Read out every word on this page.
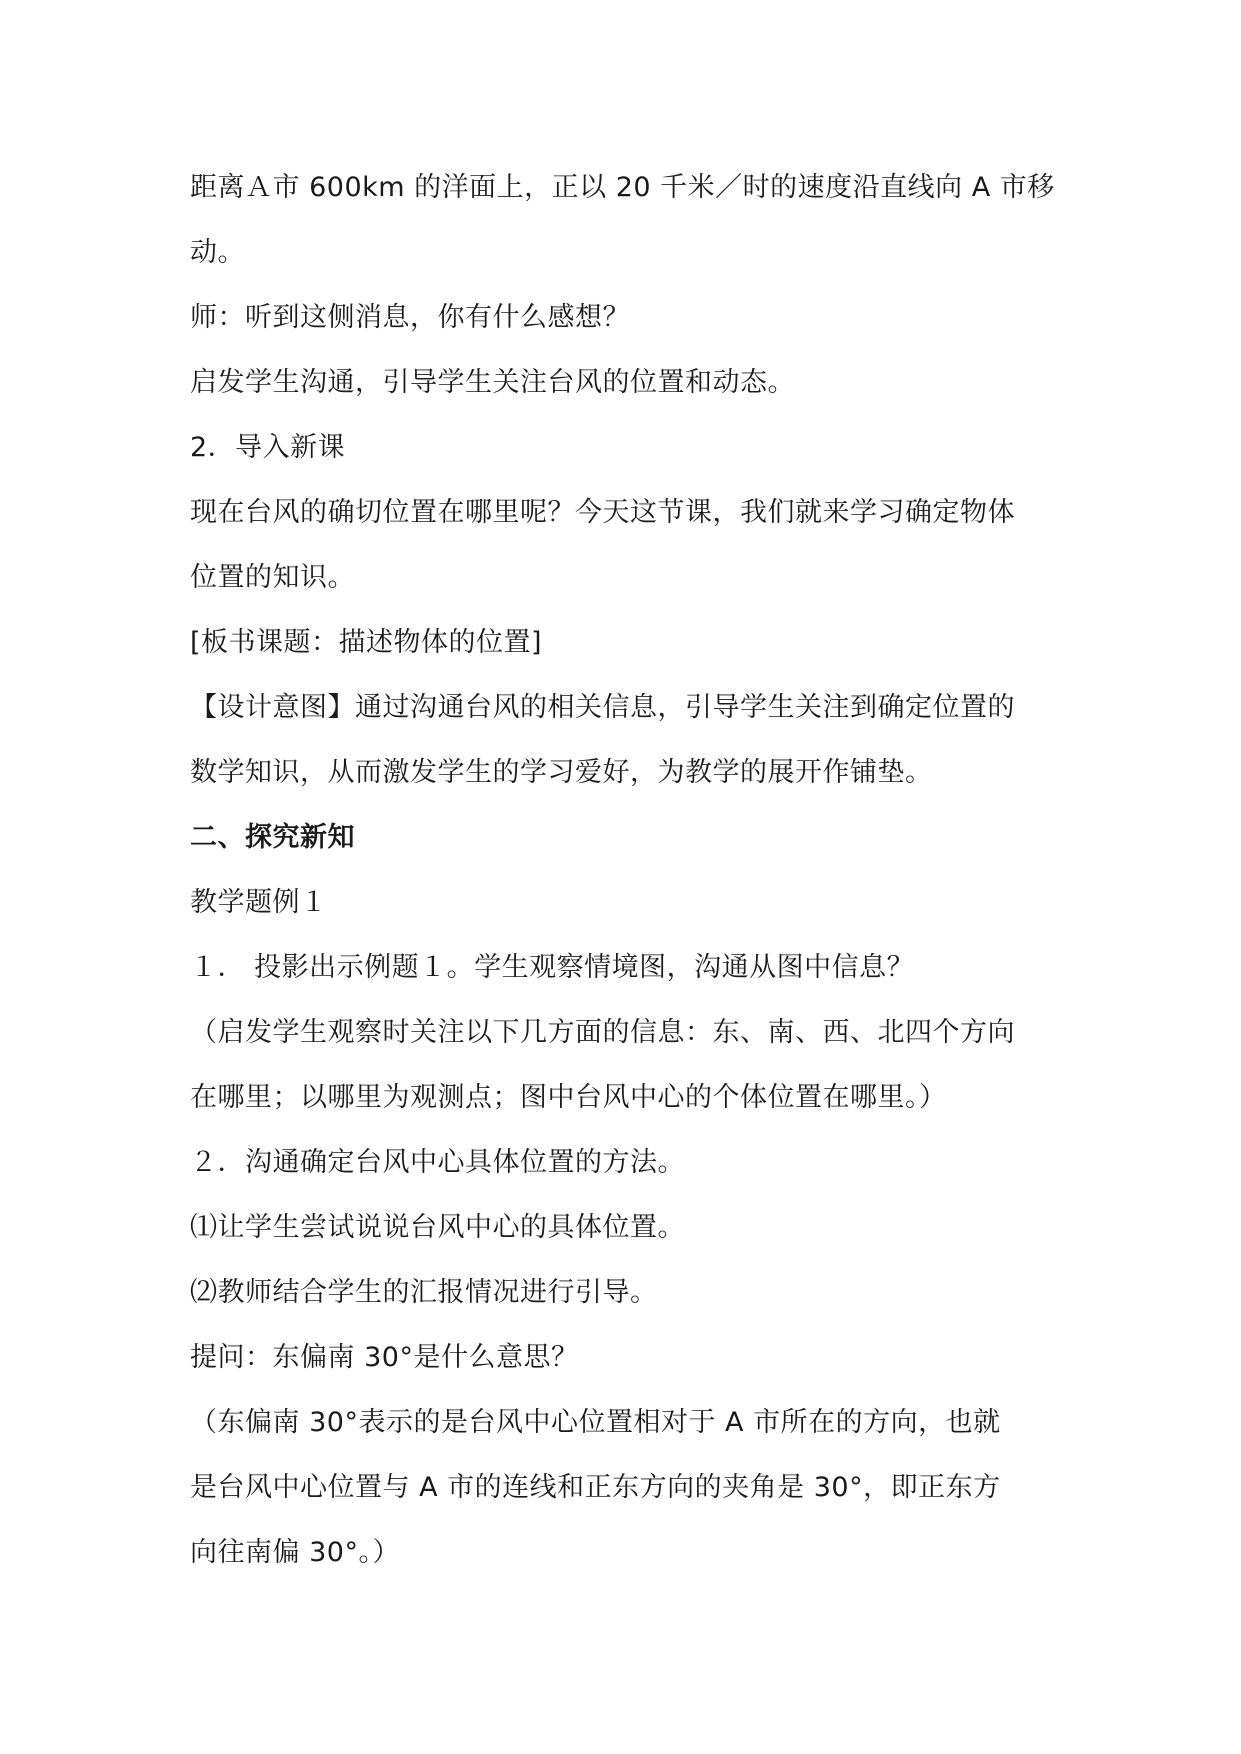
距离Ａ市 600km 的洋面上，正以 20 千米／时的速度沿直线向 A 市移
动。
师：听到这侧消息，你有什么感想？
启发学生沟通，引导学生关注台风的位置和动态。
2．导入新课
现在台风的确切位置在哪里呢？今天这节课，我们就来学习确定物体
位置的知识。
[板书课题：描述物体的位置]
【设计意图】通过沟通台风的相关信息，引导学生关注到确定位置的
数学知识，从而激发学生的学习爱好，为教学的展开作铺垫。
二、探究新知
教学题例１
１． 投影出示例题１。学生观察情境图，沟通从图中信息？
（启发学生观察时关注以下几方面的信息：东、南、西、北四个方向
在哪里；以哪里为观测点；图中台风中心的个体位置在哪里。）
２．沟通确定台风中心具体位置的方法。
⑴让学生尝试说说台风中心的具体位置。
⑵教师结合学生的汇报情况进行引导。
提问：东偏南 30°是什么意思？
（东偏南 30°表示的是台风中心位置相对于 A 市所在的方向，也就
是台风中心位置与 A 市的连线和正东方向的夹角是 30°，即正东方
向往南偏 30°。）
